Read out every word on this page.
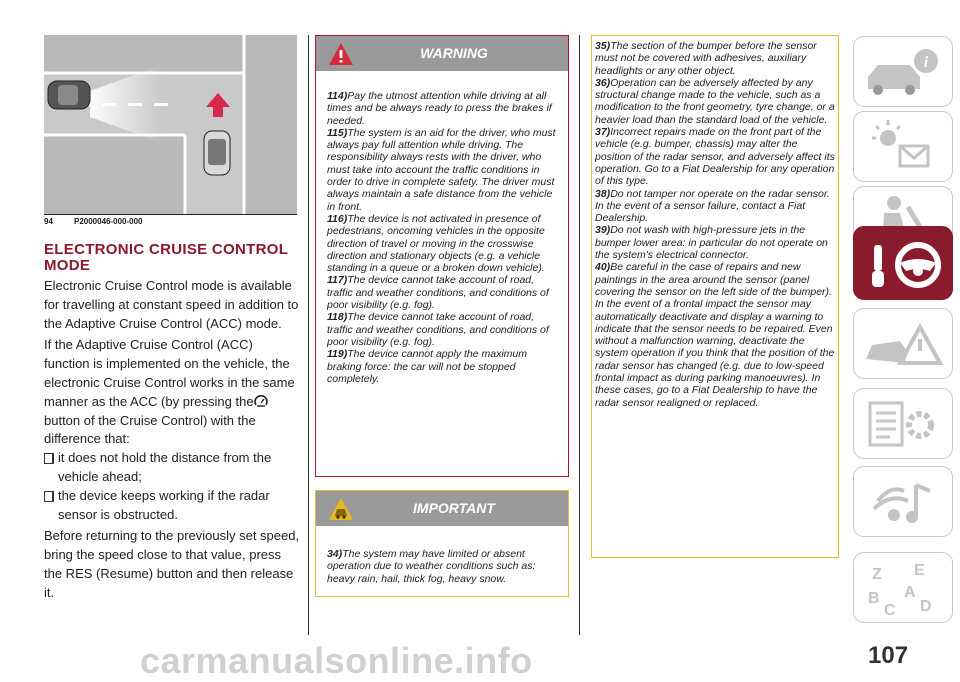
94	P2000046-000-000
ELECTRONIC CRUISE CONTROL MODE

Electronic Cruise Control mode is available for travelling at constant speed in addition to the Adaptive Cruise Control (ACC) mode.

If the Adaptive Cruise Control (ACC) function is implemented on the vehicle, the electronic Cruise Control works in the same manner as the ACC (by pressing thebutton of the Cruise Control) with the difference that:
it does not hold the distance from the vehicle ahead;
the device keeps working if the radar sensor is obstructed.

Before returning to the previously set speed, bring the speed close to that value, press the RES (Resume) button and then release it.

WARNING

114)Pay the utmost attention while driving at all times and be always ready to press the brakes if needed.

115)The system is an aid for the driver, who must always pay full attention while driving. The responsibility always rests with the driver, who must take into account the traffic conditions in order to drive in complete safety. The driver must always maintain a safe distance from the vehicle in front.

116)The device is not activated in presence of pedestrians, oncoming vehicles in the opposite direction of travel or moving in the crosswise direction and stationary objects (e.g. a vehicle standing in a queue or a broken down vehicle).

117)The device cannot take account of road, traffic and weather conditions, and conditions of poor visibility (e.g. fog).

118)The device cannot take account of road, traffic and weather conditions, and conditions of poor visibility (e.g. fog).

119)The device cannot apply the maximum braking force: the car will not be stopped completely.

IMPORTANT

34)The system may have limited or absent operation due to weather conditions such as: heavy rain, hail, thick fog, heavy snow.

35)The section of the bumper before the sensor must not be covered with adhesives, auxiliary headlights or any other object.

36)Operation can be adversely affected by any structural change made to the vehicle, such as a modification to the front geometry, tyre change, or a heavier load than the standard load of the vehicle.

37)Incorrect repairs made on the front part of the vehicle (e.g. bumper, chassis) may alter the position of the radar sensor, and adversely affect its operation. Go to a Fiat Dealership for any operation of this type.

38)Do not tamper nor operate on the radar sensor. In the event of a sensor failure, contact a Fiat Dealership.

39)Do not wash with high-pressure jets in the bumper lower area: in particular do not operate on the system's electrical connector.

40)Be careful in the case of repairs and new paintings in the area around the sensor (panel covering the sensor on the left side of the bumper). In the event of a frontal impact the sensor may automatically deactivate and display a warning to indicate that the sensor needs to be repaired. Even without a malfunction warning, deactivate the system operation if you think that the position of the radar sensor has changed (e.g. due to low-speed frontal impact as during parking manoeuvres). In these cases, go to a Fiat Dealership to have the radar sensor realigned or replaced.

i
Z E
A
B
C D
carmanualsonline.info	107
